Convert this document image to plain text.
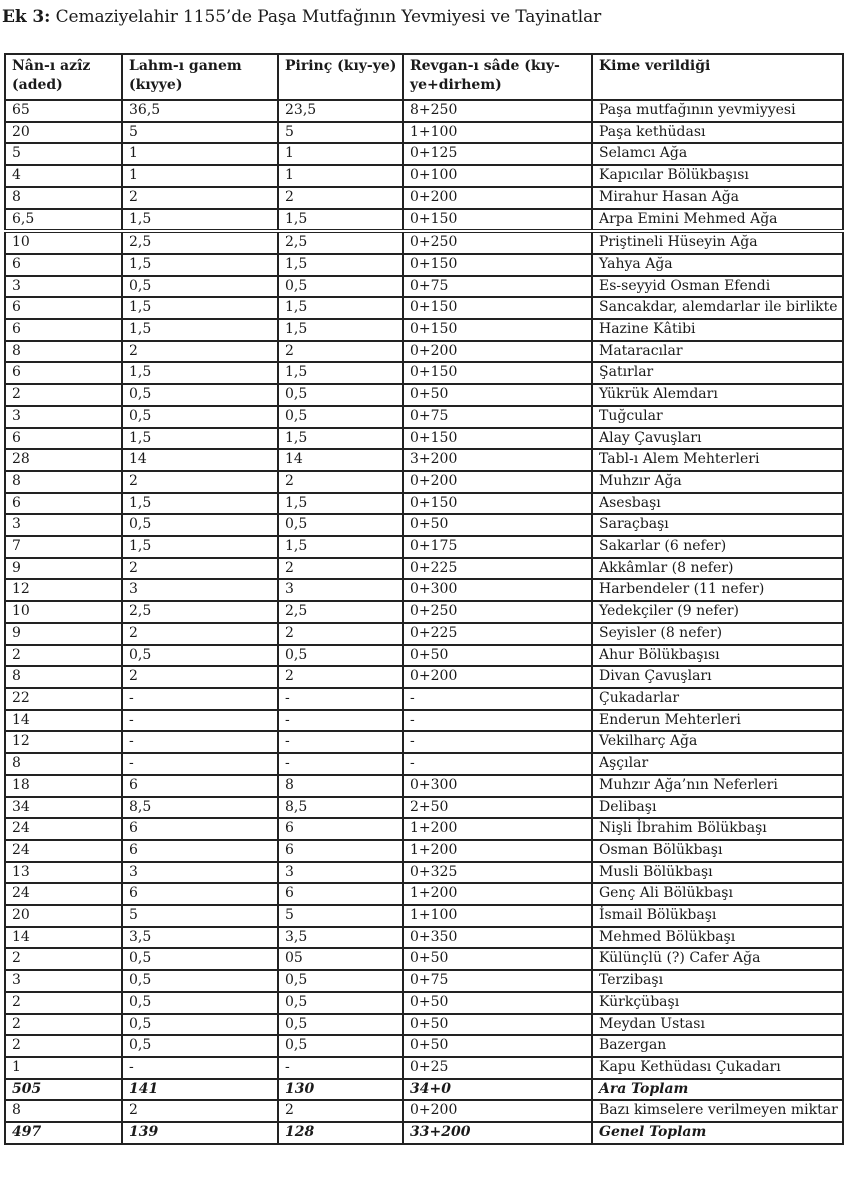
Ek 3: Cemaziyelahir 1155’de Paşa Mutfağının Yevmiyesi ve Tayinatlar
Nân-ı azîz (aded)	Lahm-ı ganem (kıyye)	Pirinç (kıy-ye)	Revgan-ı sâde (kıy-ye+dirhem)	Kime verildiği
65	36,5	23,5	8+250	Paşa mutfağının yevmiyyesi
20	5	5	1+100	Paşa kethüdası
5	1	1	0+125	Selamcı Ağa
4	1	1	0+100	Kapıcılar Bölükbaşısı
8	2	2	0+200	Mirahur Hasan Ağa
6,5	1,5	1,5	0+150	Arpa Emini Mehmed Ağa
10	2,5	2,5	0+250	Priştineli Hüseyin Ağa
6	1,5	1,5	0+150	Yahya Ağa
3	0,5	0,5	0+75	Es-seyyid Osman Efendi
6	1,5	1,5	0+150	Sancakdar, alemdarlar ile birlikte
6	1,5	1,5	0+150	Hazine Kâtibi
8	2	2	0+200	Mataracılar
6	1,5	1,5	0+150	Şatırlar
2	0,5	0,5	0+50	Yükrük Alemdarı
3	0,5	0,5	0+75	Tuğcular
6	1,5	1,5	0+150	Alay Çavuşları
28	14	14	3+200	Tabl-ı Alem Mehterleri
8	2	2	0+200	Muhzır Ağa
6	1,5	1,5	0+150	Asesbaşı
3	0,5	0,5	0+50	Saraçbaşı
7	1,5	1,5	0+175	Sakarlar (6 nefer)
9	2	2	0+225	Akkâmlar (8 nefer)
12	3	3	0+300	Harbendeler (11 nefer)
10	2,5	2,5	0+250	Yedekçiler (9 nefer)
9	2	2	0+225	Seyisler (8 nefer)
2	0,5	0,5	0+50	Ahur Bölükbaşısı
8	2	2	0+200	Divan Çavuşları
22	-	-	-	Çukadarlar
14	-	-	-	Enderun Mehterleri
12	-	-	-	Vekilharç Ağa
8	-	-	-	Aşçılar
18	6	8	0+300	Muhzır Ağa’nın Neferleri
34	8,5	8,5	2+50	Delibaşı
24	6	6	1+200	Nişli İbrahim Bölükbaşı
24	6	6	1+200	Osman Bölükbaşı
13	3	3	0+325	Musli Bölükbaşı
24	6	6	1+200	Genç Ali Bölükbaşı
20	5	5	1+100	İsmail Bölükbaşı
14	3,5	3,5	0+350	Mehmed Bölükbaşı
2	0,5	05	0+50	Külünçlü (?) Cafer Ağa
3	0,5	0,5	0+75	Terzibaşı
2	0,5	0,5	0+50	Kürkçübaşı
2	0,5	0,5	0+50	Meydan Ustası
2	0,5	0,5	0+50	Bazergan
1	-	-	0+25	Kapu Kethüdası Çukadarı
505	141	130	34+0	Ara Toplam
8	2	2	0+200	Bazı kimselere verilmeyen miktar
497	139	128	33+200	Genel Toplam
